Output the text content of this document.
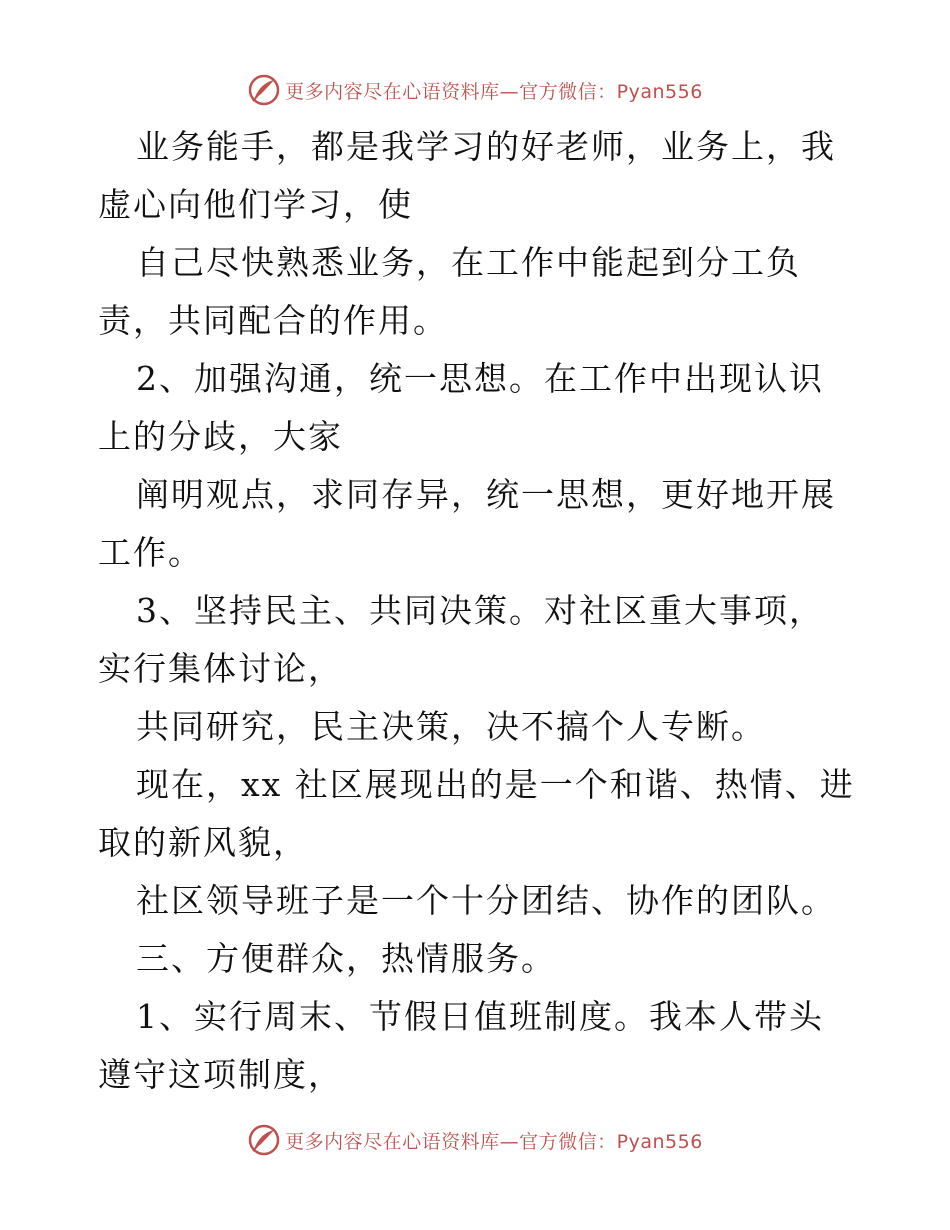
更多内容尽在心语资料库—官方微信：Pyan556

业务能手，都是我学习的好老师，业务上，我虚心向他们学习，使

自己尽快熟悉业务，在工作中能起到分工负责，共同配合的作用。

2、加强沟通，统一思想。在工作中出现认识上的分歧，大家

阐明观点，求同存异，统一思想，更好地开展工作。

3、坚持民主、共同决策。对社区重大事项，实行集体讨论，

共同研究，民主决策，决不搞个人专断。

现在，xx 社区展现出的是一个和谐、热情、进取的新风貌，

社区领导班子是一个十分团结、协作的团队。

三、方便群众，热情服务。

1、实行周末、节假日值班制度。我本人带头遵守这项制度，

更多内容尽在心语资料库—官方微信：Pyan556
